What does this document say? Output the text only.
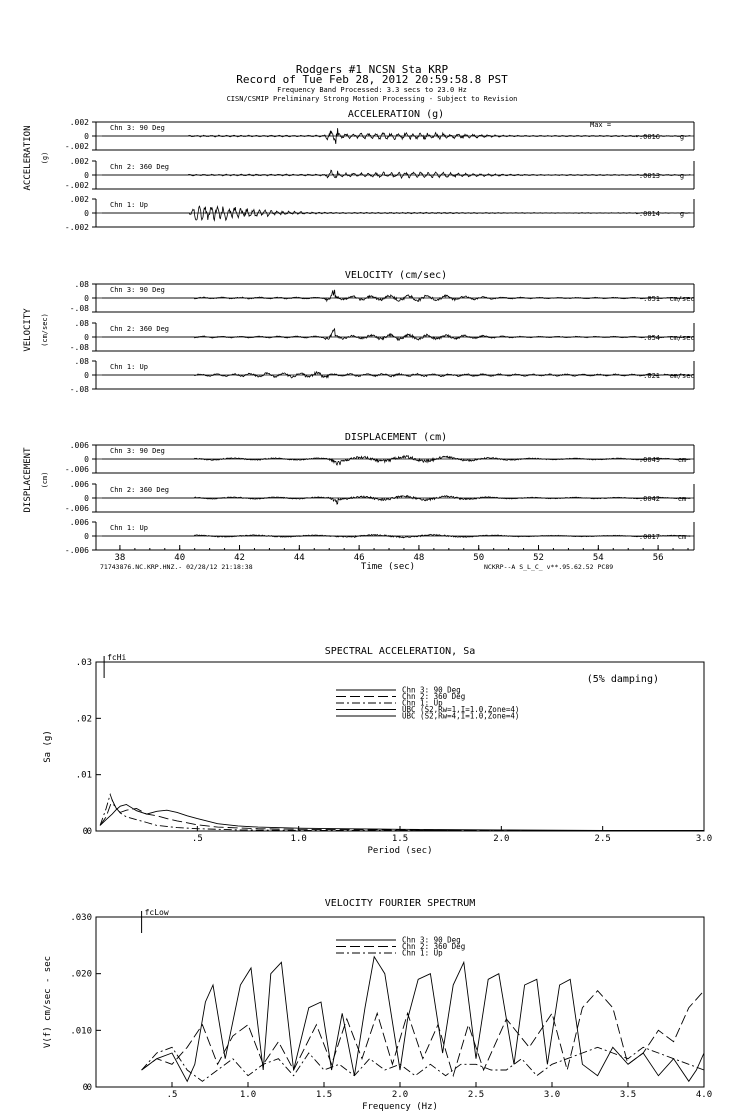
Rodgers #1 NCSN Sta KRP
Record of Tue Feb 28, 2012 20:59:58.8 PST
Frequency Band Processed: 3.3 secs to 23.0 Hz
CISN/CSMIP Preliminary Strong Motion Processing - Subject to Revision
ACCELERATION (g)
VELOCITY (cm/sec)
DISPLACEMENT (cm)
ACCELERATION (g)
VELOCITY (cm/sec)
DISPLACEMENT (cm)
Max =
Time (sec)
71743876.NC.KRP.HNZ.- 02/28/12 21:18:38	NCKRP--A S_L_C_ v**.95.62.52 PC89
.002
0
-.002
Chn 3: 90 Deg
-.0016	g
.002
0
-.002
Chn 2: 360 Deg
.0013	g
.002
0
-.002
Chn 1: Up
-.0014	g
.08
0
-.08
Chn 3: 90 Deg
-.051 cm/sec
.08
0
-.08
Chn 2: 360 Deg
.054 cm/sec
.08
0
-.08
Chn 1: Up
-.021 cm/sec
.006
0
-.006
Chn 3: 90 Deg
-.0049	cm
.006
0
-.006
Chn 2: 360 Deg
-.0042	cm
.006
0
-.006
Chn 1: Up
-.0017	cm
38	40	42	44	46	48	50	52	54	56
SPECTRAL ACCELERATION, Sa
Period (sec)
Sa (g)
0
.01
.02
.03
.5	1.0	1.5	2.0	2.5	3.0
0
fcHi
(5% damping)
Chn 3: 90 Deg
Chn 2: 360 Deg
Chn 1: Up
UBC (S2,Rw=1,I=1.0,Zone=4)
UBC (S2,Rw=4,I=1.0,Zone=4)
VELOCITY FOURIER SPECTRUM
Frequency (Hz)
V(f) cm/sec - sec
0
.010
.020
.030
.5	1.0	1.5	2.0	2.5	3.0	3.5	4.0
0
fcLow
Chn 3: 90 Deg
Chn 2: 360 Deg
Chn 1: Up
